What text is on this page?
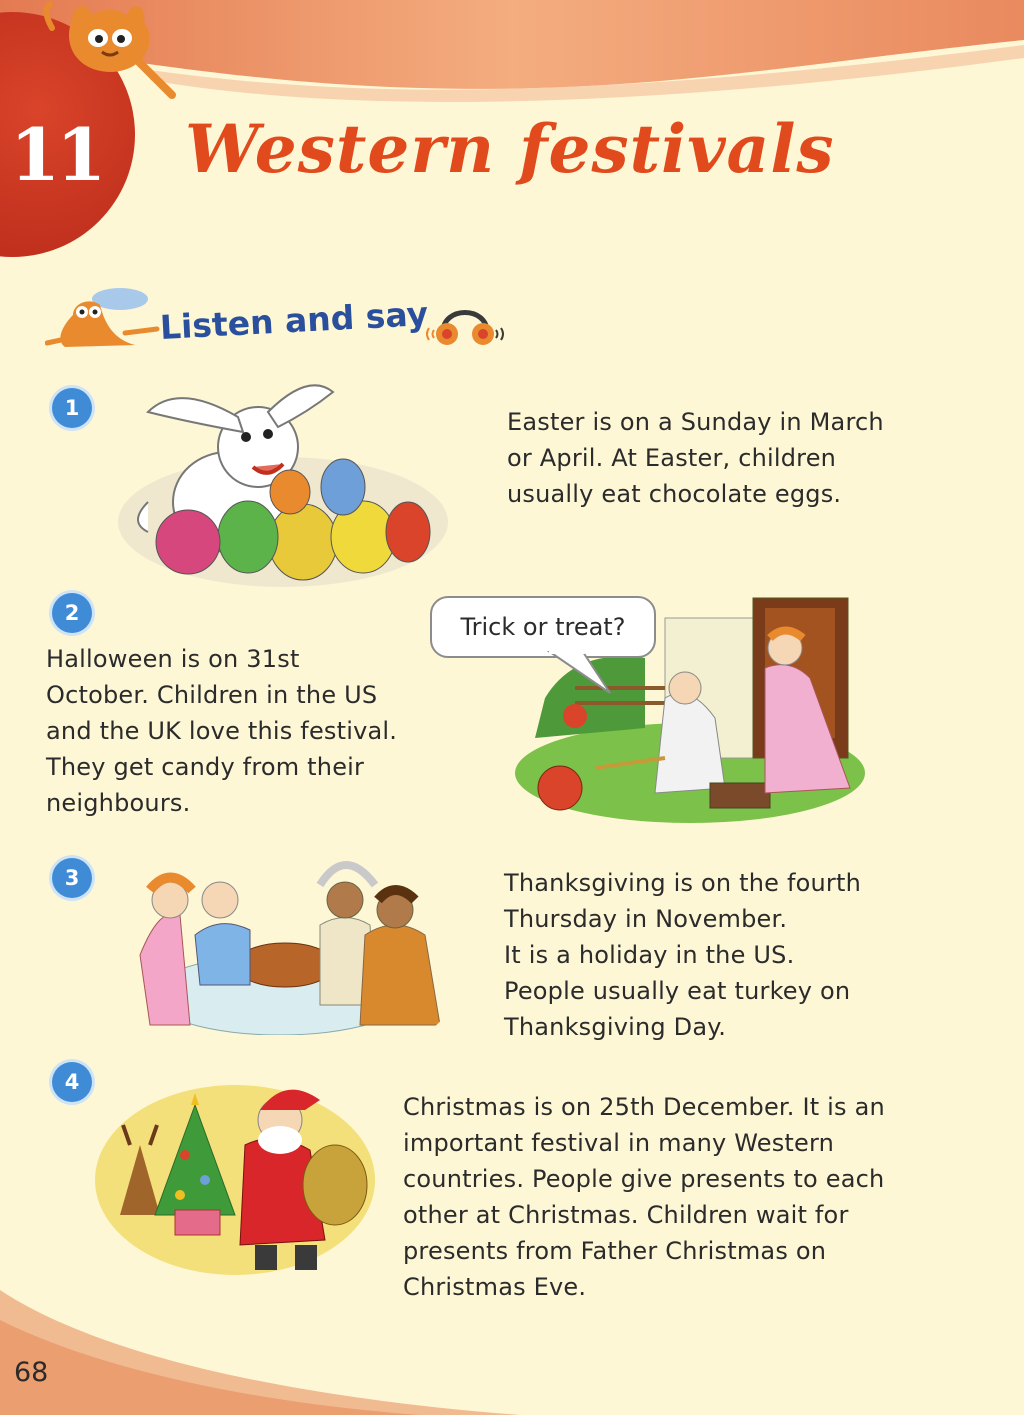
11 Western festivals
Listen and say
1	Easter is on a Sunday in March

or April. At Easter, children

usually eat chocolate eggs.

2

Halloween is on 31st

October. Children in the US

and the UK love this festival.

They get candy from their

neighbours.

Trick or treat?
3	Thanksgiving is on the fourth

Thursday in November.

It is a holiday in the US.

People usually eat turkey on

Thanksgiving Day.

4

Christmas is on 25th December. It is an

important festival in many Western

countries. People give presents to each

other at Christmas. Children wait for

presents from Father Christmas on

Christmas Eve.

68
